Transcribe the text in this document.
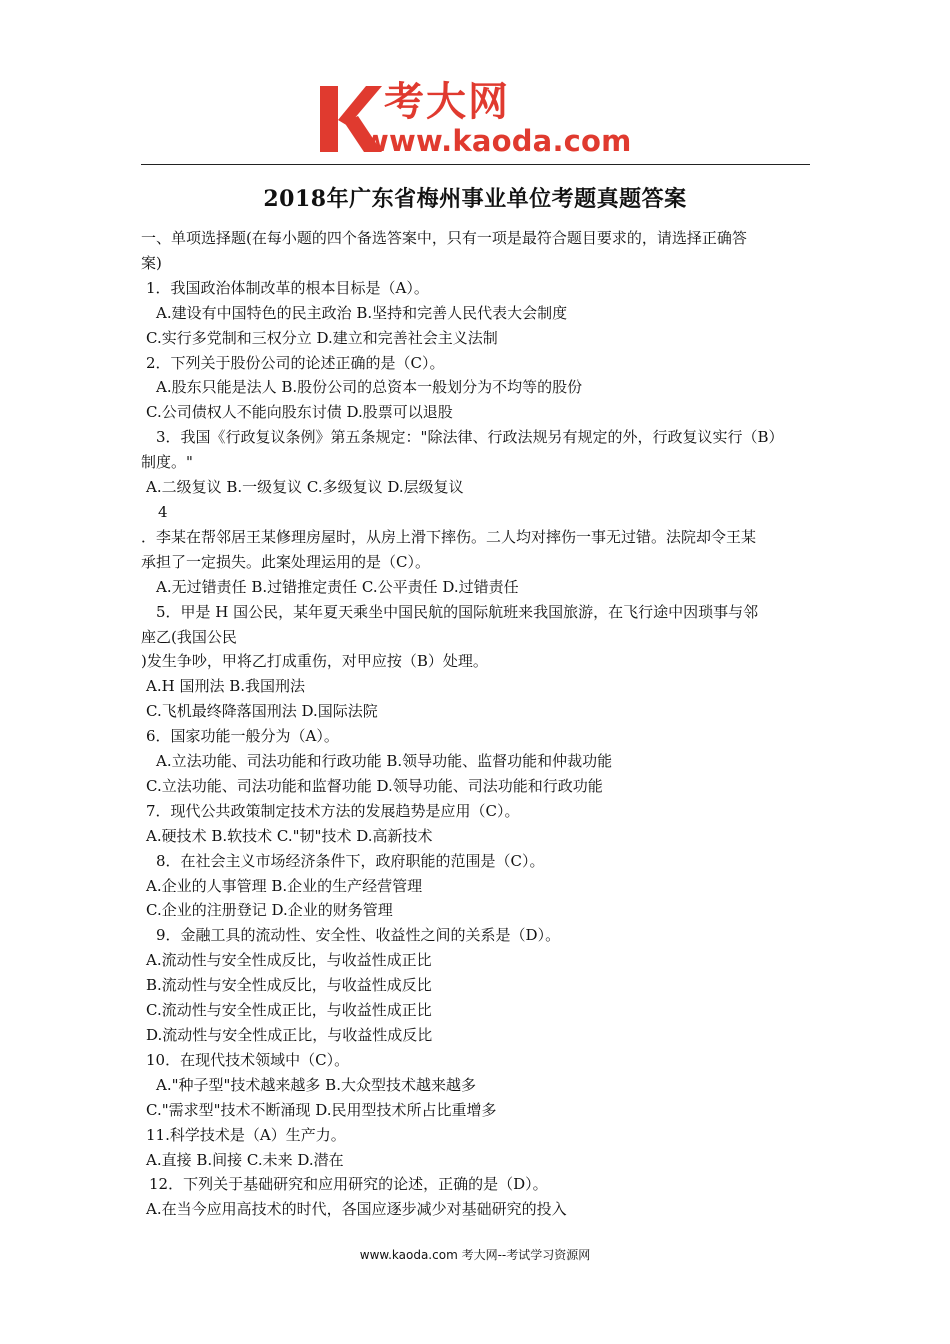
考大网
www.kaoda.com
2018年广东省梅州事业单位考题真题答案
一、单项选择题(在每小题的四个备选答案中，只有一项是最符合题目要求的，请选择正确答
案)
1．我国政治体制改革的根本目标是（A）。
A.建设有中国特色的民主政治 B.坚持和完善人民代表大会制度
C.实行多党制和三权分立 D.建立和完善社会主义法制
2．下列关于股份公司的论述正确的是（C）。
A.股东只能是法人 B.股份公司的总资本一般划分为不均等的股份
C.公司债权人不能向股东讨债 D.股票可以退股
3．我国《行政复议条例》第五条规定："除法律、行政法规另有规定的外，行政复议实行（B）
制度。"
A.二级复议 B.一级复议 C.多级复议 D.层级复议
4
．李某在帮邻居王某修理房屋时，从房上滑下摔伤。二人均对摔伤一事无过错。法院却令王某
承担了一定损失。此案处理运用的是（C）。
A.无过错责任 B.过错推定责任 C.公平责任 D.过错责任
5．甲是 H 国公民，某年夏天乘坐中国民航的国际航班来我国旅游，在飞行途中因琐事与邻
座乙(我国公民
)发生争吵，甲将乙打成重伤，对甲应按（B）处理。
A.H 国刑法 B.我国刑法
C.飞机最终降落国刑法 D.国际法院
6．国家功能一般分为（A）。
A.立法功能、司法功能和行政功能 B.领导功能、监督功能和仲裁功能
C.立法功能、司法功能和监督功能 D.领导功能、司法功能和行政功能
7．现代公共政策制定技术方法的发展趋势是应用（C）。
A.硬技术 B.软技术 C."韧"技术 D.高新技术
8．在社会主义市场经济条件下，政府职能的范围是（C）。
A.企业的人事管理 B.企业的生产经营管理
C.企业的注册登记 D.企业的财务管理
9．金融工具的流动性、安全性、收益性之间的关系是（D）。
A.流动性与安全性成反比，与收益性成正比
B.流动性与安全性成反比，与收益性成反比
C.流动性与安全性成正比，与收益性成正比
D.流动性与安全性成正比，与收益性成反比
10．在现代技术领域中（C）。
A."种子型"技术越来越多 B.大众型技术越来越多
C."需求型"技术不断涌现 D.民用型技术所占比重增多
11.科学技术是（A）生产力。
A.直接 B.间接 C.未来 D.潜在
12．下列关于基础研究和应用研究的论述，正确的是（D）。
A.在当今应用高技术的时代，各国应逐步减少对基础研究的投入
www.kaoda.com 考大网--考试学习资源网
